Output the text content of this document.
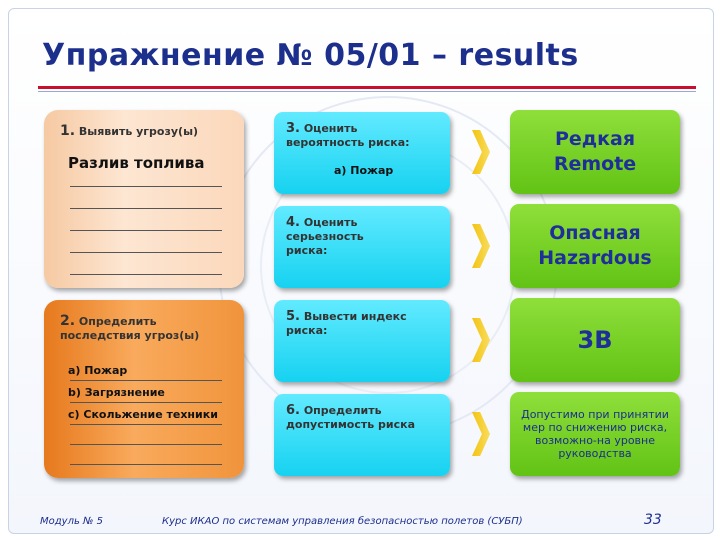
Упражнение № 05/01 – results
1. Выявить угрозу(ы)
Разлив топлива
2. Определить последствия угроз(ы)
а) Пожар
b) Загрязнение
c) Скольжение техники
3. Оценить вероятность риска:
а) Пожар
4. Оценить серьезность риска:
5. Вывести индекс риска:
6. Определить допустимость риска
Редкая Remote
Опасная Hazardous
3В
Допустимо при принятии мер по снижению риска, возможно-на уровне руководства
Модуль № 5	Курс ИКАО по системам управления безопасностью полетов (СУБП)	33
